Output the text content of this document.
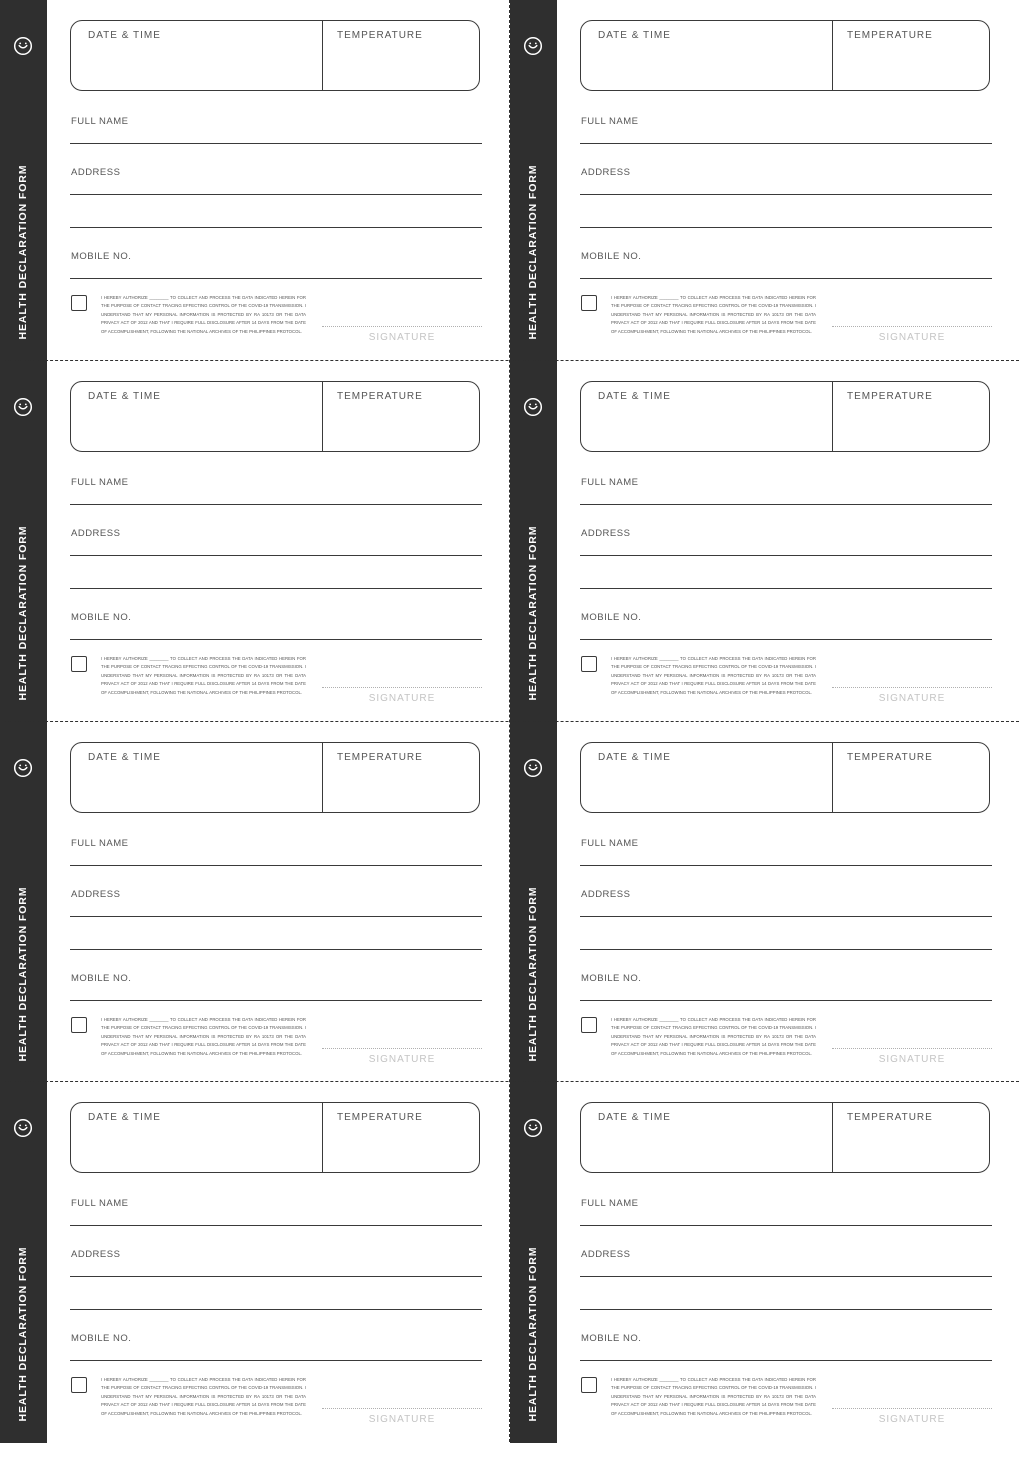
HEALTH DECLARATION FORM
DATE & TIME	TEMPERATURE
FULL NAME
ADDRESS
MOBILE NO.
I HEREBY AUTHORIZE ________ TO COLLECT AND PROCESS THE DATA INDICATED HEREIN FOR THE PURPOSE OF CONTACT TRACING EFFECTING CONTROL OF THE COVID-19 TRANSMISSION. I UNDERSTAND THAT MY PERSONAL INFORMATION IS PROTECTED BY RA 10173 OR THE DATA PRIVACY ACT OF 2012 AND THAT I REQUIRE FULL DISCLOSURE AFTER 14 DAYS FROM THE DATE OF ACCOMPLISHMENT, FOLLOWING THE NATIONAL ARCHIVES OF THE PHILIPPINES PROTOCOL.
SIGNATURE	HEALTH DECLARATION FORM
DATE & TIME	TEMPERATURE
FULL NAME
ADDRESS
MOBILE NO.
I HEREBY AUTHORIZE ________ TO COLLECT AND PROCESS THE DATA INDICATED HEREIN FOR THE PURPOSE OF CONTACT TRACING EFFECTING CONTROL OF THE COVID-19 TRANSMISSION. I UNDERSTAND THAT MY PERSONAL INFORMATION IS PROTECTED BY RA 10173 OR THE DATA PRIVACY ACT OF 2012 AND THAT I REQUIRE FULL DISCLOSURE AFTER 14 DAYS FROM THE DATE OF ACCOMPLISHMENT, FOLLOWING THE NATIONAL ARCHIVES OF THE PHILIPPINES PROTOCOL.
SIGNATURE
HEALTH DECLARATION FORM
DATE & TIME	TEMPERATURE
FULL NAME
ADDRESS
MOBILE NO.
I HEREBY AUTHORIZE ________ TO COLLECT AND PROCESS THE DATA INDICATED HEREIN FOR THE PURPOSE OF CONTACT TRACING EFFECTING CONTROL OF THE COVID-19 TRANSMISSION. I UNDERSTAND THAT MY PERSONAL INFORMATION IS PROTECTED BY RA 10173 OR THE DATA PRIVACY ACT OF 2012 AND THAT I REQUIRE FULL DISCLOSURE AFTER 14 DAYS FROM THE DATE OF ACCOMPLISHMENT, FOLLOWING THE NATIONAL ARCHIVES OF THE PHILIPPINES PROTOCOL.
SIGNATURE	HEALTH DECLARATION FORM
DATE & TIME	TEMPERATURE
FULL NAME
ADDRESS
MOBILE NO.
I HEREBY AUTHORIZE ________ TO COLLECT AND PROCESS THE DATA INDICATED HEREIN FOR THE PURPOSE OF CONTACT TRACING EFFECTING CONTROL OF THE COVID-19 TRANSMISSION. I UNDERSTAND THAT MY PERSONAL INFORMATION IS PROTECTED BY RA 10173 OR THE DATA PRIVACY ACT OF 2012 AND THAT I REQUIRE FULL DISCLOSURE AFTER 14 DAYS FROM THE DATE OF ACCOMPLISHMENT, FOLLOWING THE NATIONAL ARCHIVES OF THE PHILIPPINES PROTOCOL.
SIGNATURE
HEALTH DECLARATION FORM
DATE & TIME	TEMPERATURE
FULL NAME
ADDRESS
MOBILE NO.
I HEREBY AUTHORIZE ________ TO COLLECT AND PROCESS THE DATA INDICATED HEREIN FOR THE PURPOSE OF CONTACT TRACING EFFECTING CONTROL OF THE COVID-19 TRANSMISSION. I UNDERSTAND THAT MY PERSONAL INFORMATION IS PROTECTED BY RA 10173 OR THE DATA PRIVACY ACT OF 2012 AND THAT I REQUIRE FULL DISCLOSURE AFTER 14 DAYS FROM THE DATE OF ACCOMPLISHMENT, FOLLOWING THE NATIONAL ARCHIVES OF THE PHILIPPINES PROTOCOL.
SIGNATURE	HEALTH DECLARATION FORM
DATE & TIME	TEMPERATURE
FULL NAME
ADDRESS
MOBILE NO.
I HEREBY AUTHORIZE ________ TO COLLECT AND PROCESS THE DATA INDICATED HEREIN FOR THE PURPOSE OF CONTACT TRACING EFFECTING CONTROL OF THE COVID-19 TRANSMISSION. I UNDERSTAND THAT MY PERSONAL INFORMATION IS PROTECTED BY RA 10173 OR THE DATA PRIVACY ACT OF 2012 AND THAT I REQUIRE FULL DISCLOSURE AFTER 14 DAYS FROM THE DATE OF ACCOMPLISHMENT, FOLLOWING THE NATIONAL ARCHIVES OF THE PHILIPPINES PROTOCOL.
SIGNATURE
HEALTH DECLARATION FORM
DATE & TIME	TEMPERATURE
FULL NAME
ADDRESS
MOBILE NO.
I HEREBY AUTHORIZE ________ TO COLLECT AND PROCESS THE DATA INDICATED HEREIN FOR THE PURPOSE OF CONTACT TRACING EFFECTING CONTROL OF THE COVID-19 TRANSMISSION. I UNDERSTAND THAT MY PERSONAL INFORMATION IS PROTECTED BY RA 10173 OR THE DATA PRIVACY ACT OF 2012 AND THAT I REQUIRE FULL DISCLOSURE AFTER 14 DAYS FROM THE DATE OF ACCOMPLISHMENT, FOLLOWING THE NATIONAL ARCHIVES OF THE PHILIPPINES PROTOCOL.
SIGNATURE	HEALTH DECLARATION FORM
DATE & TIME	TEMPERATURE
FULL NAME
ADDRESS
MOBILE NO.
I HEREBY AUTHORIZE ________ TO COLLECT AND PROCESS THE DATA INDICATED HEREIN FOR THE PURPOSE OF CONTACT TRACING EFFECTING CONTROL OF THE COVID-19 TRANSMISSION. I UNDERSTAND THAT MY PERSONAL INFORMATION IS PROTECTED BY RA 10173 OR THE DATA PRIVACY ACT OF 2012 AND THAT I REQUIRE FULL DISCLOSURE AFTER 14 DAYS FROM THE DATE OF ACCOMPLISHMENT, FOLLOWING THE NATIONAL ARCHIVES OF THE PHILIPPINES PROTOCOL.
SIGNATURE
